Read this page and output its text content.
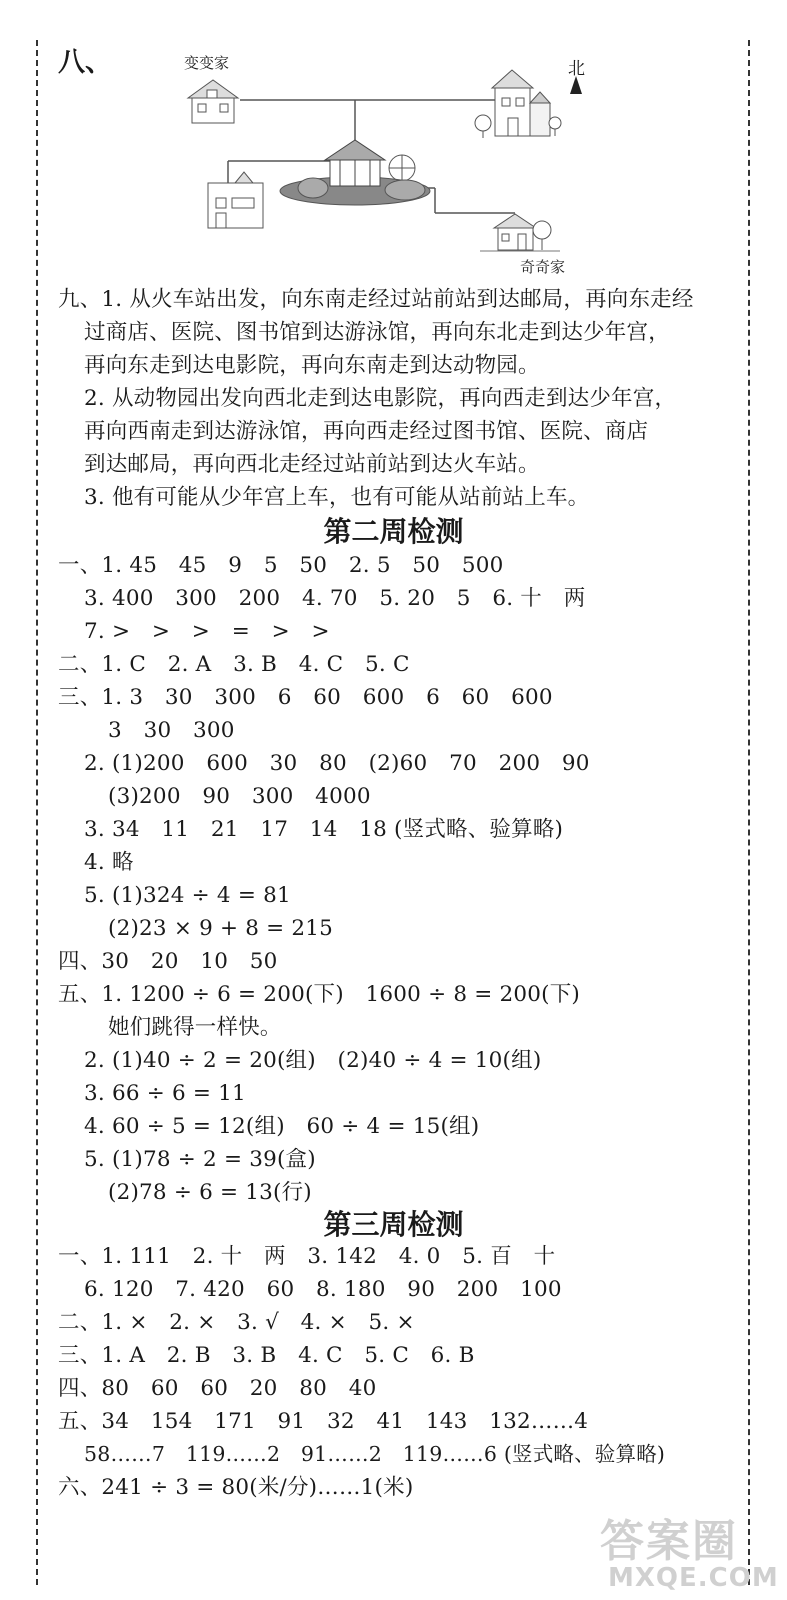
八、	变变家	北
奇奇家
九、1. 从火车站出发，向东南走经过站前站到达邮局，再向东走经
过商店、医院、图书馆到达游泳馆，再向东北走到达少年宫，
再向东走到达电影院，再向东南走到达动物园。
2. 从动物园出发向西北走到达电影院，再向西走到达少年宫，
再向西南走到达游泳馆，再向西走经过图书馆、医院、商店
到达邮局，再向西北走经过站前站到达火车站。
3. 他有可能从少年宫上车，也有可能从站前站上车。
第二周检测
一、1. 45　45　9　5　50　2. 5　50　500
3. 400　300　200　4. 70　5. 20　5　6. 十　两
7. >　>　>　=　>　>
二、1. C　2. A　3. B　4. C　5. C
三、1. 3　30　300　6　60　600　6　60　600
3　30　300
2. (1)200　600　30　80　(2)60　70　200　90
(3)200　90　300　4000
3. 34　11　21　17　14　18 (竖式略、验算略)
4. 略
5. (1)324 ÷ 4 = 81
(2)23 × 9 + 8 = 215
四、30　20　10　50
五、1. 1200 ÷ 6 = 200(下)　1600 ÷ 8 = 200(下)
她们跳得一样快。
2. (1)40 ÷ 2 = 20(组)　(2)40 ÷ 4 = 10(组)
3. 66 ÷ 6 = 11
4. 60 ÷ 5 = 12(组)　60 ÷ 4 = 15(组)
5. (1)78 ÷ 2 = 39(盒)
(2)78 ÷ 6 = 13(行)
第三周检测
一、1. 111　2. 十　两　3. 142　4. 0　5. 百　十
6. 120　7. 420　60　8. 180　90　200　100
二、1. ×　2. ×　3. √　4. ×　5. ×
三、1. A　2. B　3. B　4. C　5. C　6. B
四、80　60　60　20　80　40
五、34　154　171　91　32　41　143　132……4
58……7　119……2　91……2　119……6 (竖式略、验算略)
六、241 ÷ 3 = 80(米/分)……1(米)
答案圈
MXQE.COM
